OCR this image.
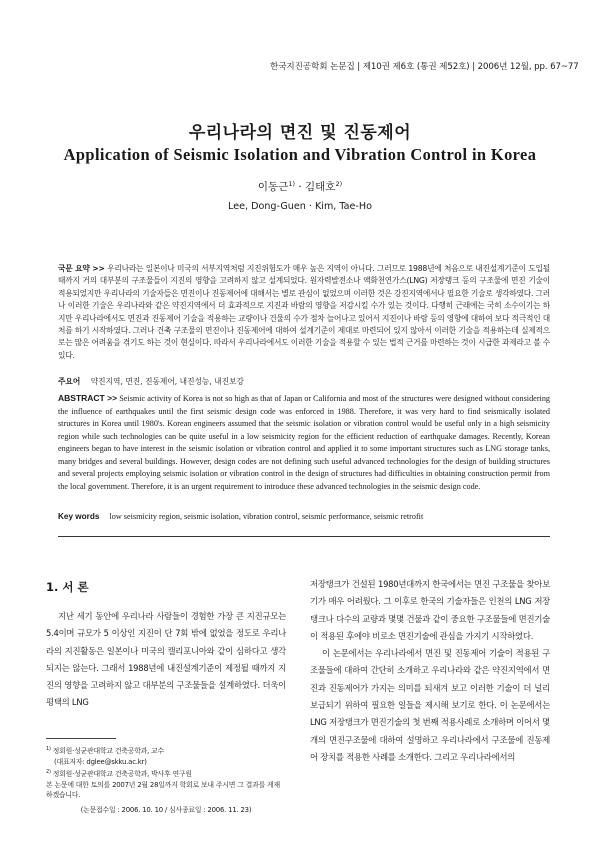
한국지진공학회 논문집 | 제10권 제6호 (통권 제52호) | 2006년 12월, pp. 67~77
우리나라의 면진 및 진동제어
Application of Seismic Isolation and Vibration Control in Korea
이동근$^{1)}$ · 김태호$^{2)}$
Lee, Dong-Guen · Kim, Tae-Ho
국문 요약 >> 우리나라는 일본이나 미국의 서부지역처럼 지진위험도가 매우 높은 지역이 아니다. 그러므로 1988년에 처음으로 내진설계기준이 도입될 때까지 거의 대부분의 구조물들이 지진의 영향을 고려하지 않고 설계되었다. 원자력발전소나 액화천연가스(LNG) 저장탱크 등의 구조물에 면진 기술이 적용되었지만 우리나라의 기술자들은 면진이나 진동제어에 대해서는 별로 관심이 없었으며 이러한 것은 강진지역에서나 필요한 기술로 생각하였다. 그러나 이러한 기술은 우리나라와 같은 약진지역에서 더 효과적으로 지진과 바람의 영향을 저감시킬 수가 있는 것이다. 다행히 근래에는 국히 소수이기는 하지만 우리나라에서도 면진과 진동제어 기술을 적용하는 교량이나 건물의 수가 점차 늘어나고 있어서 지진이나 바람 등의 영향에 대하여 보다 적극적인 대처를 하기 시작하였다. 그러나 건축 구조물의 면진이나 진동제어에 대하여 설계기준이 제대로 마련되어 있지 않아서 이러한 기술을 적용하는데 실제적으로는 많은 어려움을 겪기도 하는 것이 현실이다. 따라서 우리나라에서도 이러한 기술을 적용할 수 있는 법적 근거를 마련하는 것이 시급한 과제라고 볼 수 있다.
주요어 약진지역, 면진, 진동제어, 내진성능, 내진보강
ABSTRACT >> Seismic activity of Korea is not so high as that of Japan or California and most of the structures were designed without considering the influence of earthquakes until the first seismic design code was enforced in 1988. Therefore, it was very hard to find seismically isolated structures in Korea until 1980's. Korean engineers assumed that the seismic isolation or vibration control would be useful only in a high seismicity region while such technologies can be quite useful in a low seismicity region for the efficient reduction of earthquake damages. Recently, Korean engineers began to have interest in the seismic isolation or vibration control and applied it to some important structures such as LNG storage tanks, many bridges and several buildings. However, design codes are not defining such useful advanced technologies for the design of building structures and several projects employing seismic isolation or vibration control in the design of structures had difficulties in obtaining construction permit from the local government. Therefore, it is an urgent requirement to introduce these advanced technologies in the seismic design code.
Key words low seismicity region, seismic isolation, vibration control, seismic performance, seismic retrofit
1. 서 론

지난 세기 동안에 우리나라 사람들이 경험한 가장 큰 지진규모는 5.4이며 규모가 5 이상인 지진이 단 7회 밖에 없었을 정도로 우리나라의 지진활동은 일본이나 미국의 캘리포니아와 같이 심하다고 생각되지는 않는다. 그래서 1988년에 내진설계기준이 제정될 때까지 지진의 영향을 고려하지 않고 대부분의 구조물들을 설계하였다. 더욱이 평택의 LNG

저장탱크가 건설된 1980년대까지 한국에서는 면진 구조물을 찾아보기가 매우 어려웠다. 그 이후로 한국의 기술자들은 인천의 LNG 저장탱크나 다수의 교량과 몇몇 건물과 같이 중요한 구조물들에 면진기술이 적용된 후에야 비로소 면진기술에 관심을 가지기 시작하였다.

이 논문에서는 우리나라에서 면진 및 진동제어 기술이 적용된 구조물들에 대하여 간단히 소개하고 우리나라와 같은 약진지역에서 면진과 진동제어가 가지는 의미를 되새겨 보고 이러한 기술이 더 널리 보급되기 위하여 필요한 일들을 제시해 보기로 한다. 이 논문에서는 LNG 저장탱크가 면진기술의 첫 번째 적용사례로 소개하며 이어서 몇 개의 면진구조물에 대하여 설명하고 우리나라에서 구조물에 진동제어 장치를 적용한 사례를 소개한다. 그리고 우리나라에서의

$^{1)}$ 정회원·성균관대학교 건축공학과, 교수
(대표저자: dglee@skku.ac.kr)
$^{2)}$ 정회원·성균관대학교 건축공학과, 박사후 연구원
본 논문에 대한 토의를 2007년 2월 28일까지 학회로 보내 주시면 그 결과를 게재하겠습니다.
(논문접수일 : 2006. 10. 10 / 심사종료일 : 2006. 11. 23)
